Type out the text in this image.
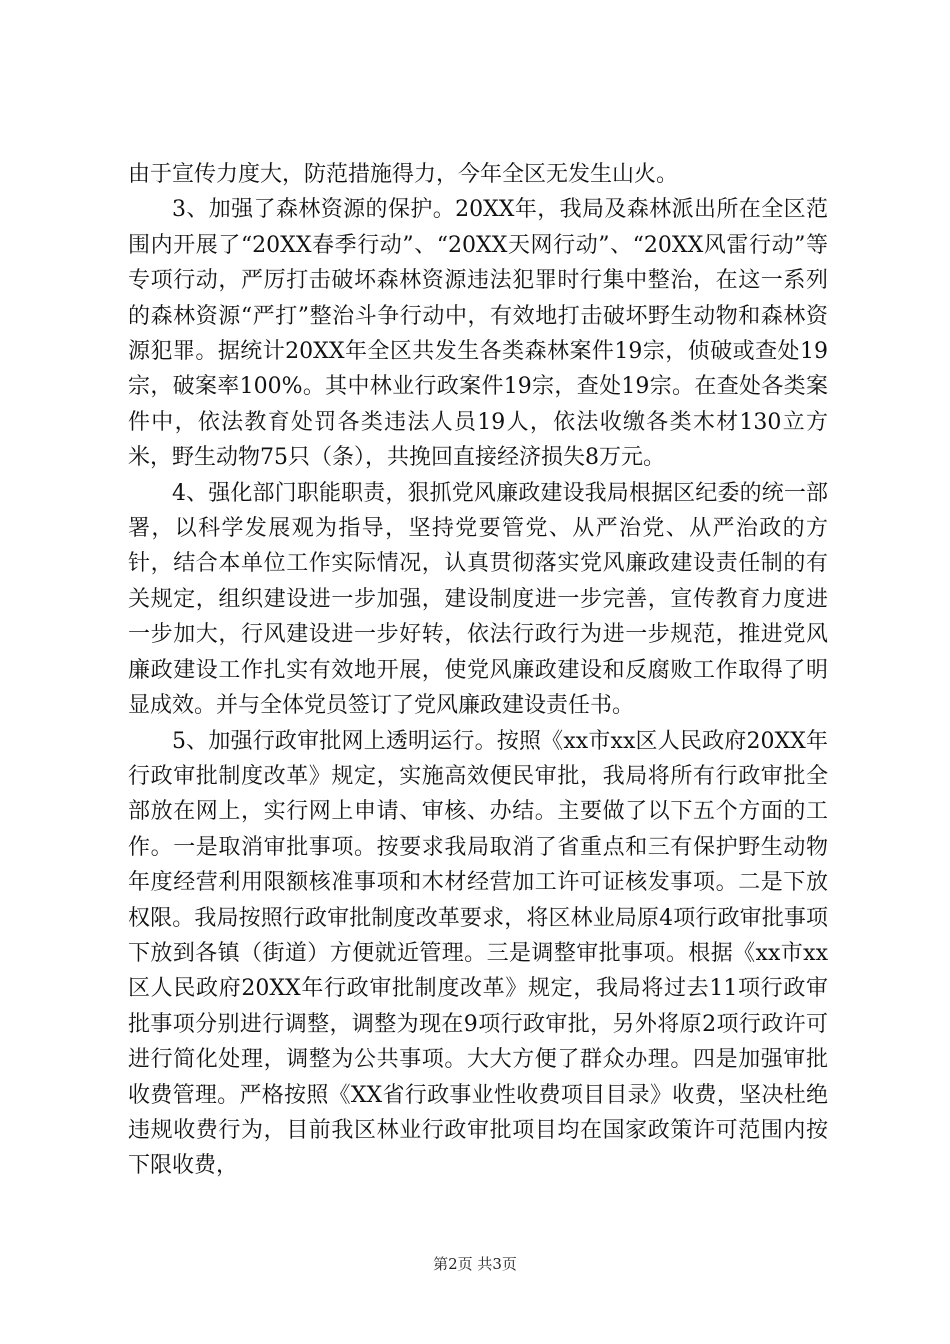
由于宣传力度大，防范措施得力，今年全区无发生山火。

3、加强了森林资源的保护。20XX年，我局及森林派出所在全区范围内开展了“20XX春季行动”、“20XX天网行动”、“20XX风雷行动”等专项行动，严厉打击破坏森林资源违法犯罪时行集中整治，在这一系列的森林资源“严打”整治斗争行动中，有效地打击破坏野生动物和森林资源犯罪。据统计20XX年全区共发生各类森林案件19宗，侦破或查处19宗，破案率100%。其中林业行政案件19宗，查处19宗。在查处各类案件中，依法教育处罚各类违法人员19人，依法收缴各类木材130立方米，野生动物75只（条），共挽回直接经济损失8万元。

4、强化部门职能职责，狠抓党风廉政建设我局根据区纪委的统一部署，以科学发展观为指导，坚持党要管党、从严治党、从严治政的方针，结合本单位工作实际情况，认真贯彻落实党风廉政建设责任制的有关规定，组织建设进一步加强，建设制度进一步完善，宣传教育力度进一步加大，行风建设进一步好转，依法行政行为进一步规范，推进党风廉政建设工作扎实有效地开展，使党风廉政建设和反腐败工作取得了明显成效。并与全体党员签订了党风廉政建设责任书。

5、加强行政审批网上透明运行。按照《xx市xx区人民政府20XX年行政审批制度改革》规定，实施高效便民审批，我局将所有行政审批全部放在网上，实行网上申请、审核、办结。主要做了以下五个方面的工作。一是取消审批事项。按要求我局取消了省重点和三有保护野生动物年度经营利用限额核准事项和木材经营加工许可证核发事项。二是下放权限。我局按照行政审批制度改革要求，将区林业局原4项行政审批事项下放到各镇（街道）方便就近管理。三是调整审批事项。根据《xx市xx区人民政府20XX年行政审批制度改革》规定，我局将过去11项行政审批事项分别进行调整，调整为现在9项行政审批，另外将原2项行政许可进行简化处理，调整为公共事项。大大方便了群众办理。四是加强审批收费管理。严格按照《XX省行政事业性收费项目目录》收费，坚决杜绝违规收费行为，目前我区林业行政审批项目均在国家政策许可范围内按下限收费，

第2页 共3页
